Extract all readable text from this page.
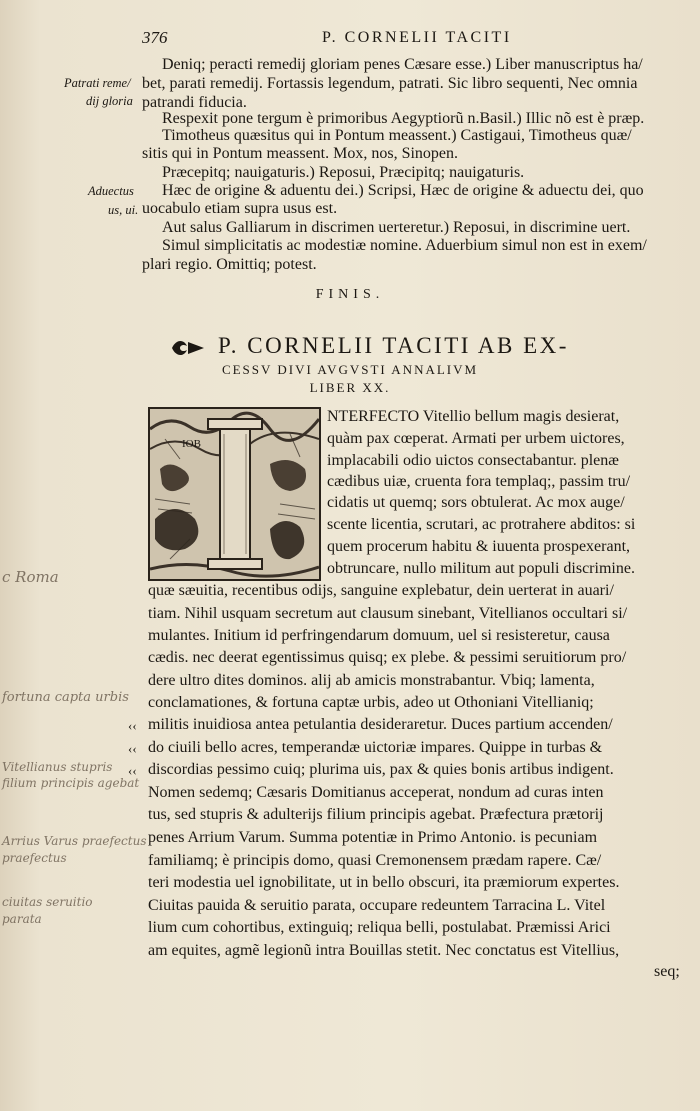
376	P. CORNELII TACITI
Deniq; peracti remedij gloriam penes Cæsare esse.) Liber manuscriptus ha/
bet, parati remedij. Fortassis legendum, patrati. Sic libro sequenti, Nec omnia
patrandi fiducia.
Respexit pone tergum è primoribus Aegyptiorũ n.Basil.) Illic nõ est è præp.
Timotheus quæsitus qui in Pontum meassent.) Castigaui, Timotheus quæ/
sitis qui in Pontum meassent. Mox, nos, Sinopen.
Præcepitq; nauigaturis.) Reposui, Præcipitq; nauigaturis.
Hæc de origine & aduentu dei.) Scripsi, Hæc de origine & aduectu dei, quo
uocabulo etiam supra usus est.
Aut salus Galliarum in discrimen uerteretur.) Reposui, in discrimine uert.
Simul simplicitatis ac modestiæ nomine. Aduerbium simul non est in exem/
plari regio. Omittiq; potest.
Patrati reme/
dij gloria
Aduectus
us, ui.
FINIS.
P. CORNELII TACITI AB EX-
CESSV DIVI AVGVSTI ANNALIVM
LIBER XX.
IOB
NTERFECTO Vitellio bellum magis desierat,
quàm pax cœperat. Armati per urbem uictores,
implacabili odio uictos consectabantur. plenæ
cædibus uiæ, cruenta fora templaq;, passim tru/
cidatis ut quemq; sors obtulerat. Ac mox auge/
scente licentia, scrutari, ac protrahere abditos: si
quem procerum habitu & iuuenta prospexerant,
obtruncare, nullo militum aut populi discrimine.
quæ sæuitia, recentibus odijs, sanguine explebatur, dein uerterat in auari/
tiam. Nihil usquam secretum aut clausum sinebant, Vitellianos occultari si/
mulantes. Initium id perfringendarum domuum, uel si resisteretur, causa
cædis. nec deerat egentissimus quisq; ex plebe. & pessimi seruitiorum pro/
dere ultro dites dominos. alij ab amicis monstrabantur. Vbiq; lamenta,
conclamationes, & fortuna captæ urbis, adeo ut Othoniani Vitellianiq;
militis inuidiosa antea petulantia desideraretur. Duces partium accenden/
do ciuili bello acres, temperandæ uictoriæ impares. Quippe in turbas &
discordias pessimo cuiq; plurima uis, pax & quies bonis artibus indigent.
Nomen sedemq; Cæsaris Domitianus acceperat, nondum ad curas inten
tus, sed stupris & adulterijs filium principis agebat. Præfectura prætorij
penes Arrium Varum. Summa potentiæ in Primo Antonio. is pecuniam
familiamq; è principis domo, quasi Cremonensem prædam rapere. Cæ/
teri modestia uel ignobilitate, ut in bello obscuri, ita præmiorum expertes.
Ciuitas pauida & seruitio parata, occupare redeuntem Tarracina L. Vitel
lium cum cohortibus, extinguiq; reliqua belli, postulabat. Præmissi Arici
am equites, agmẽ legionũ intra Bouillas stetit. Nec conctatus est Vitellius,
seq;
‹‹
‹‹
‹‹
c Roma
fortuna capta urbis
Vitellianus stupris
filium principis agebat
Arrius Varus praefectus
praefectus
ciuitas seruitio
parata
